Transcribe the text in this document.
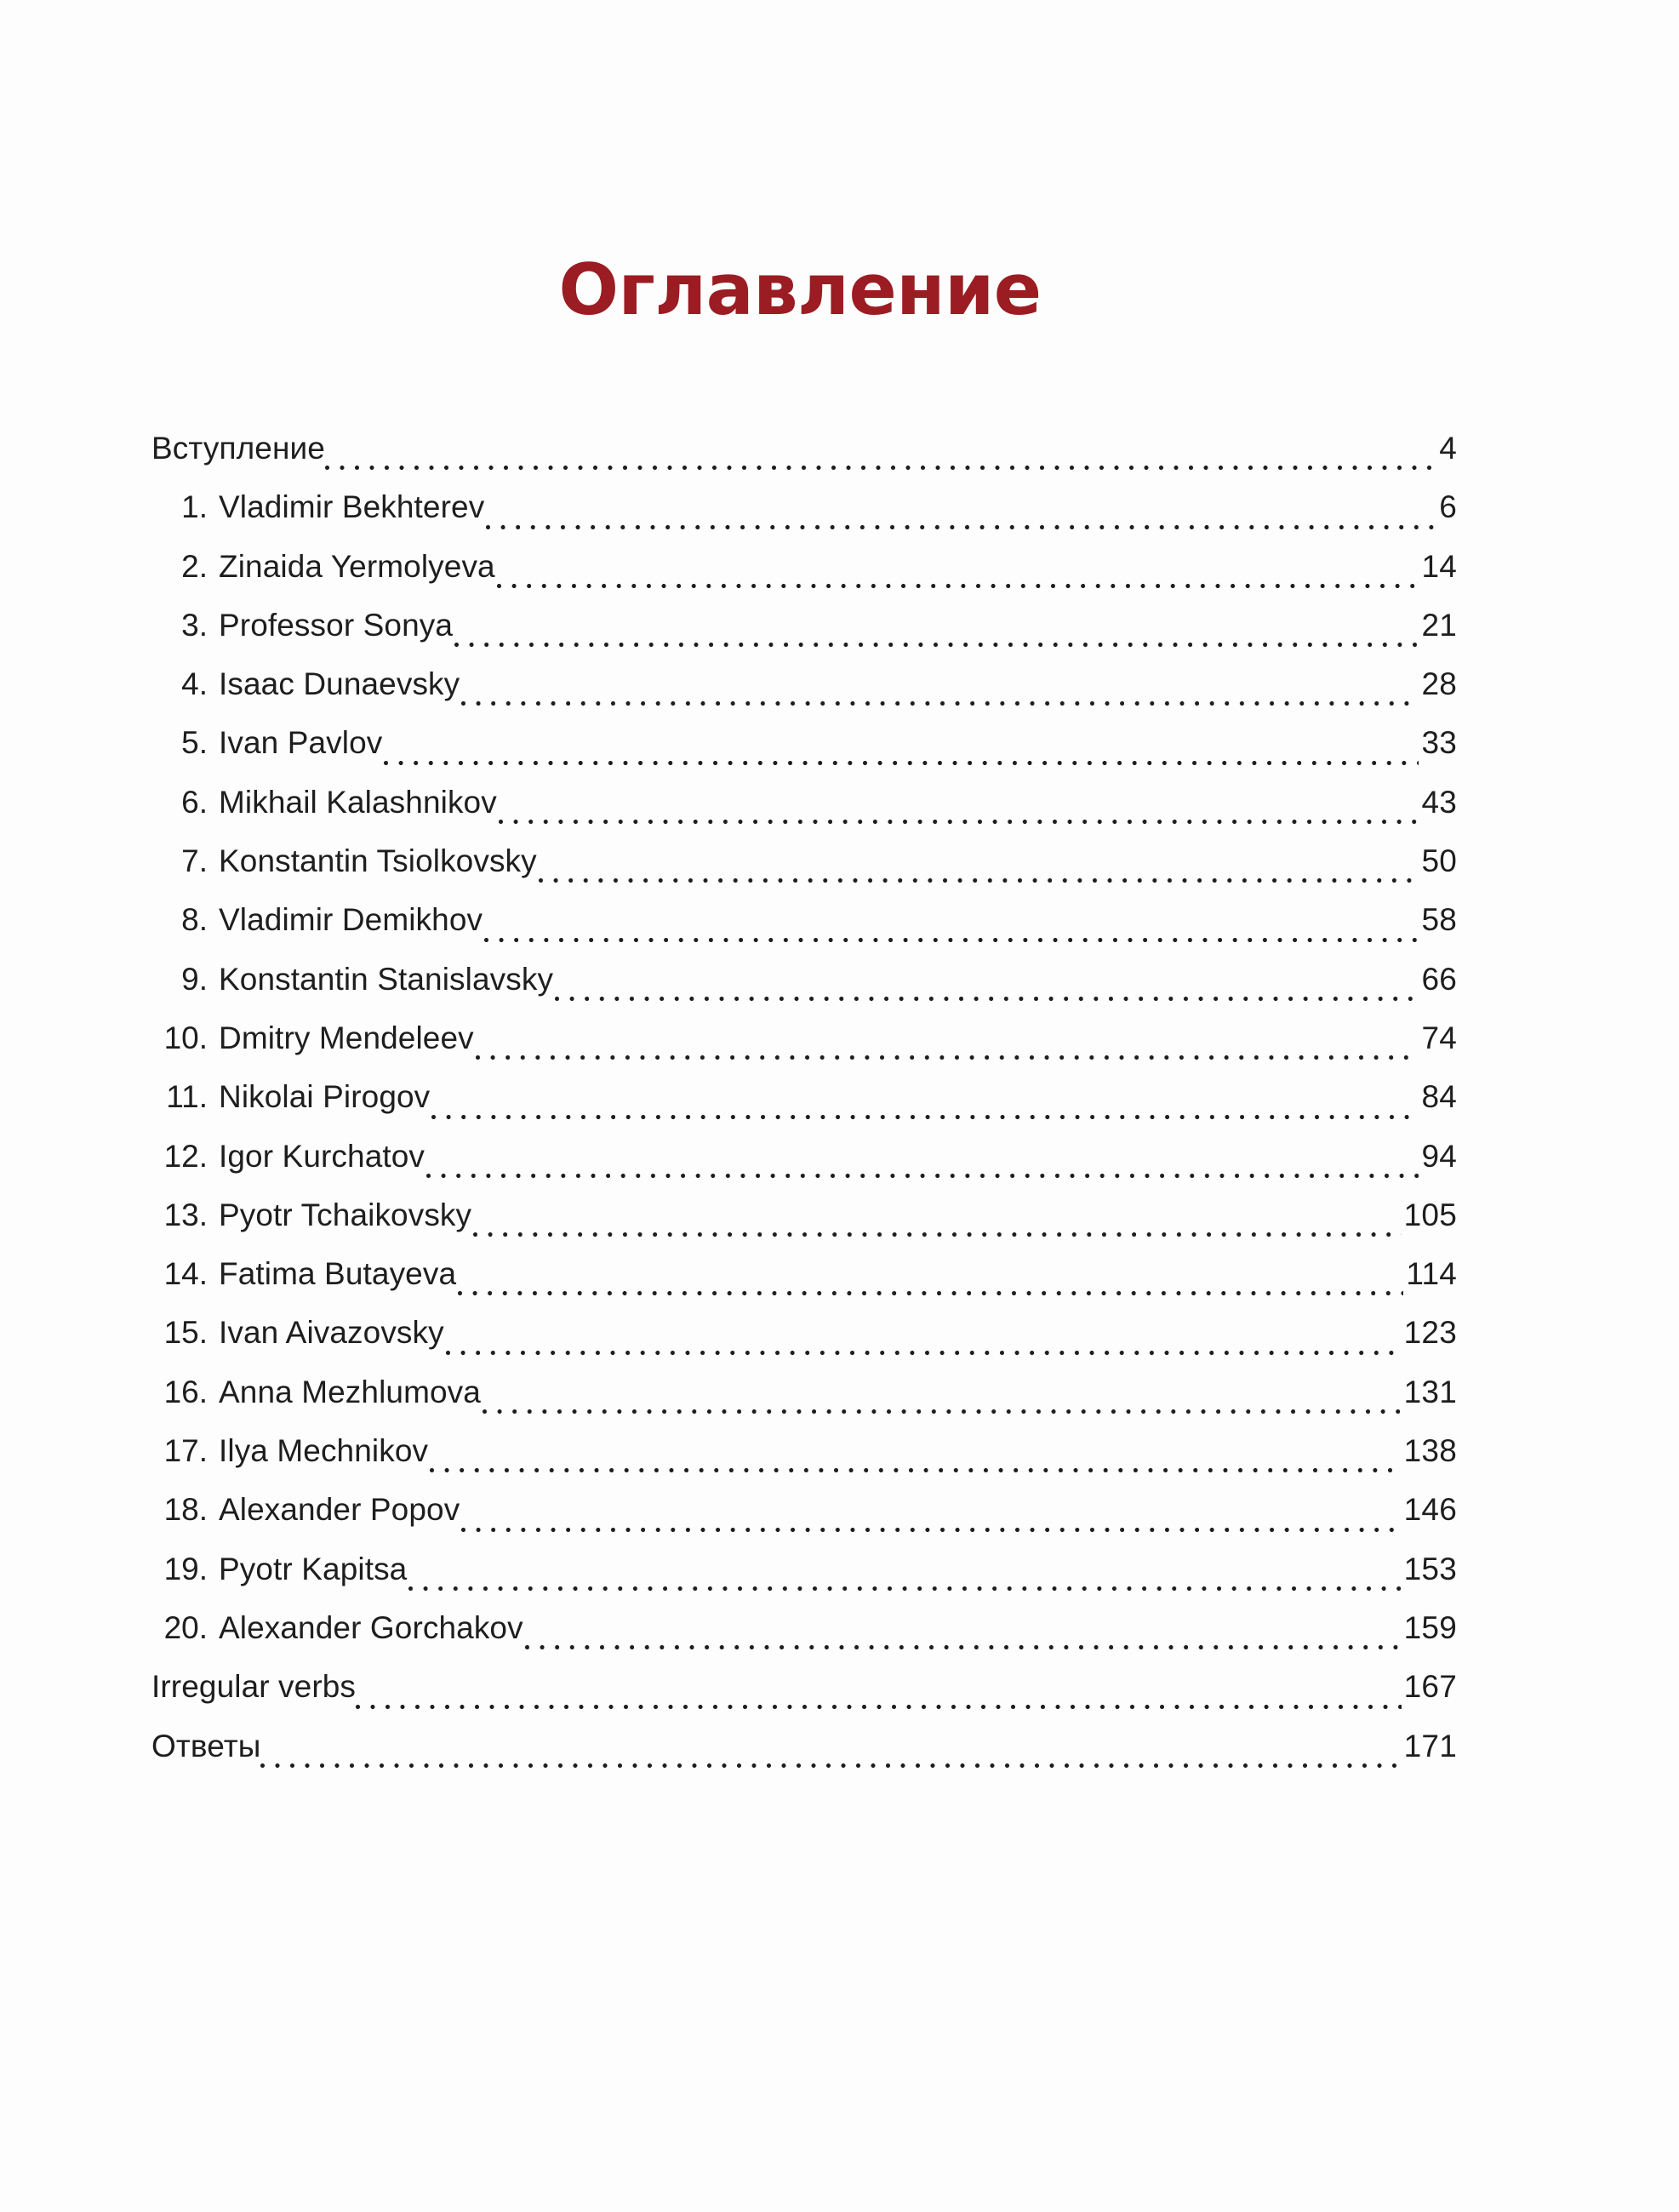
Оглавление
Вступление	4
1. Vladimir Bekhterev	6
2. Zinaida Yermolyeva	14
3. Professor Sonya	21
4. Isaac Dunaevsky	28
5. Ivan Pavlov	33
6. Mikhail Kalashnikov	43
7. Konstantin Tsiolkovsky	50
8. Vladimir Demikhov	58
9. Konstantin Stanislavsky	66
10. Dmitry Mendeleev	74
11. Nikolai Pirogov	84
12. Igor Kurchatov	94
13. Pyotr Tchaikovsky	105
14. Fatima Butayeva	114
15. Ivan Aivazovsky	123
16. Anna Mezhlumova	131
17. Ilya Mechnikov	138
18. Alexander Popov	146
19. Pyotr Kapitsa	153
20. Alexander Gorchakov	159
Irregular verbs	167
Ответы	171
